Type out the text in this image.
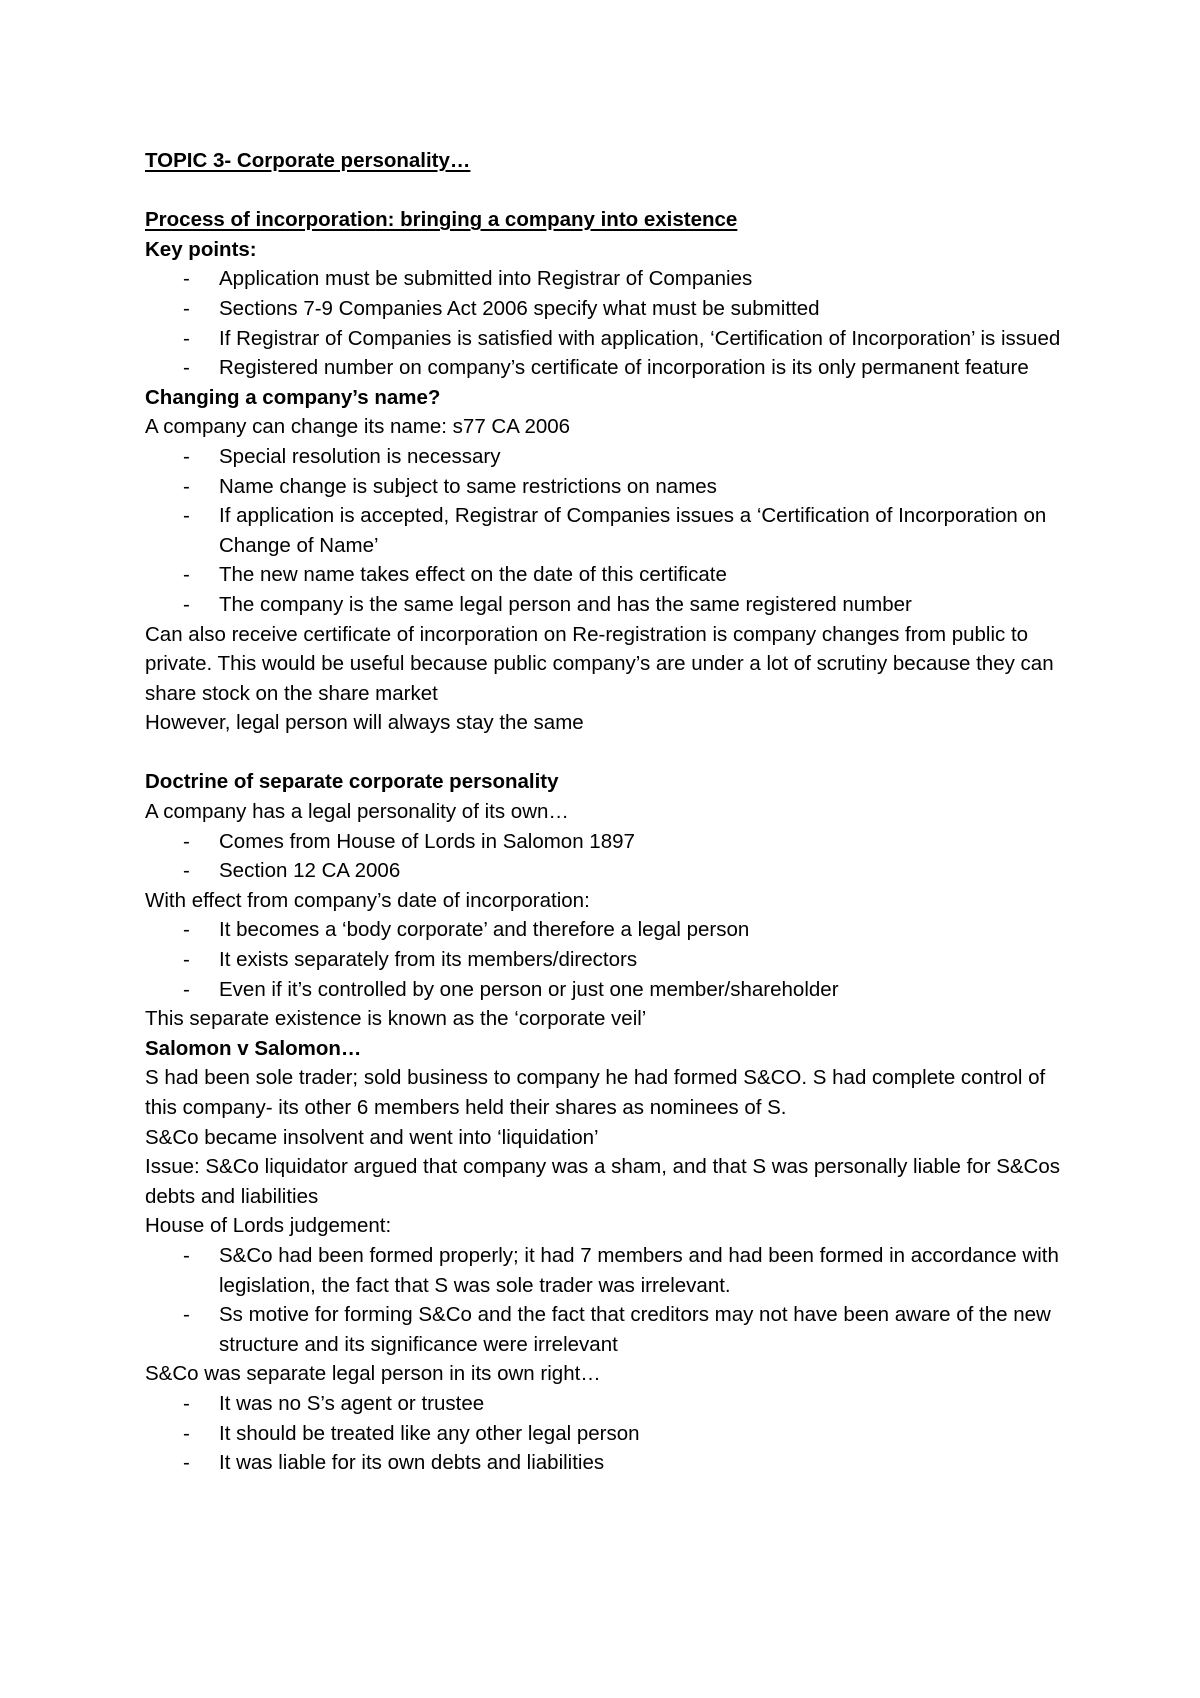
TOPIC 3- Corporate personality…

Process of incorporation: bringing a company into existence

Key points:

- Application must be submitted into Registrar of Companies
- Sections 7-9 Companies Act 2006 specify what must be submitted
- If Registrar of Companies is satisfied with application, ‘Certification of Incorporation’ is issued
- Registered number on company’s certificate of incorporation is its only permanent feature

Changing a company’s name?

A company can change its name: s77 CA 2006

- Special resolution is necessary
- Name change is subject to same restrictions on names
- If application is accepted, Registrar of Companies issues a ‘Certification of Incorporation on Change of Name’
- The new name takes effect on the date of this certificate
- The company is the same legal person and has the same registered number

Can also receive certificate of incorporation on Re-registration is company changes from public to private. This would be useful because public company’s are under a lot of scrutiny because they can share stock on the share market

However, legal person will always stay the same

Doctrine of separate corporate personality

A company has a legal personality of its own…

- Comes from House of Lords in Salomon 1897
- Section 12 CA 2006

With effect from company’s date of incorporation:

- It becomes a ‘body corporate’ and therefore a legal person
- It exists separately from its members/directors
- Even if it’s controlled by one person or just one member/shareholder

This separate existence is known as the ‘corporate veil’

Salomon v Salomon…

S had been sole trader; sold business to company he had formed S&CO. S had complete control of this company- its other 6 members held their shares as nominees of S.

S&Co became insolvent and went into ‘liquidation’

Issue: S&Co liquidator argued that company was a sham, and that S was personally liable for S&Cos debts and liabilities

House of Lords judgement:

- S&Co had been formed properly; it had 7 members and had been formed in accordance with legislation, the fact that S was sole trader was irrelevant.
- Ss motive for forming S&Co and the fact that creditors may not have been aware of the new structure and its significance were irrelevant

S&Co was separate legal person in its own right…

- It was no S’s agent or trustee
- It should be treated like any other legal person
- It was liable for its own debts and liabilities
